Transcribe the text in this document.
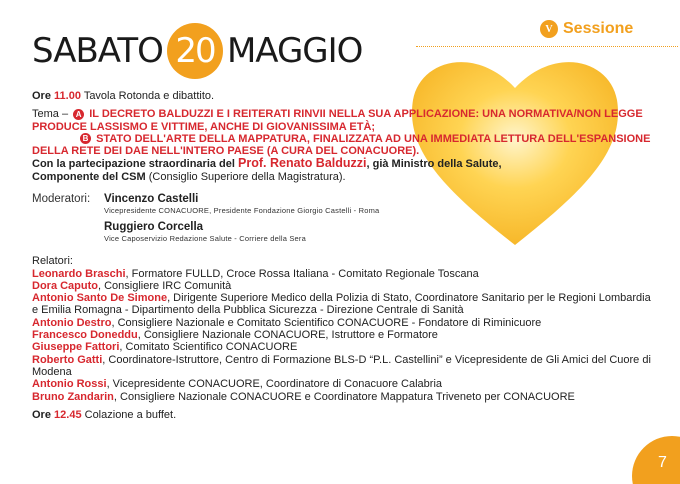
SABATO 20 MAGGIO
V Sessione

Ore 11.00 Tavola Rotonda e dibattito.

Tema – A IL DECRETO BALDUZZI E I REITERATI RINVII NELLA SUA APPLICAZIONE: UNA NORMATIVA/NON LEGGE PRODUCE LASSISMO E VITTIME, ANCHE DI GIOVANISSIMA ETÀ;
B STATO DELL'ARTE DELLA MAPPATURA, FINALIZZATA AD UNA IMMEDIATA LETTURA DELL'ESPANSIONE DELLA RETE DEI DAE NELL'INTERO PAESE (A CURA DEL CONACUORE).

Con la partecipazione straordinaria del Prof. Renato Balduzzi, già Ministro della Salute,
Componente del CSM (Consiglio Superiore della Magistratura).

Moderatori:	Vincenzo Castelli
Vicepresidente CONACUORE, Presidente Fondazione Giorgio Castelli - Roma
Ruggiero Corcella
Vice Caposervizio Redazione Salute - Corriere della Sera
Relatori:
Leonardo Braschi, Formatore FULLD, Croce Rossa Italiana - Comitato Regionale Toscana
Dora Caputo, Consigliere IRC Comunità
Antonio Santo De Simone, Dirigente Superiore Medico della Polizia di Stato, Coordinatore Sanitario per le Regioni Lombardia e Emilia Romagna - Dipartimento della Pubblica Sicurezza - Direzione Centrale di Sanità
Antonio Destro, Consigliere Nazionale e Comitato Scientifico CONACUORE - Fondatore di Riminicuore
Francesco Doneddu, Consigliere Nazionale CONACUORE, Istruttore e Formatore
Giuseppe Fattori, Comitato Scientifico CONACUORE
Roberto Gatti, Coordinatore-Istruttore, Centro di Formazione BLS-D “P.L. Castellini” e Vicepresidente de Gli Amici del Cuore di Modena
Antonio Rossi, Vicepresidente CONACUORE, Coordinatore di Conacuore Calabria
Bruno Zandarin, Consigliere Nazionale CONACUORE e Coordinatore Mappatura Triveneto per CONACUORE

Ore 12.45 Colazione a buffet.

7
